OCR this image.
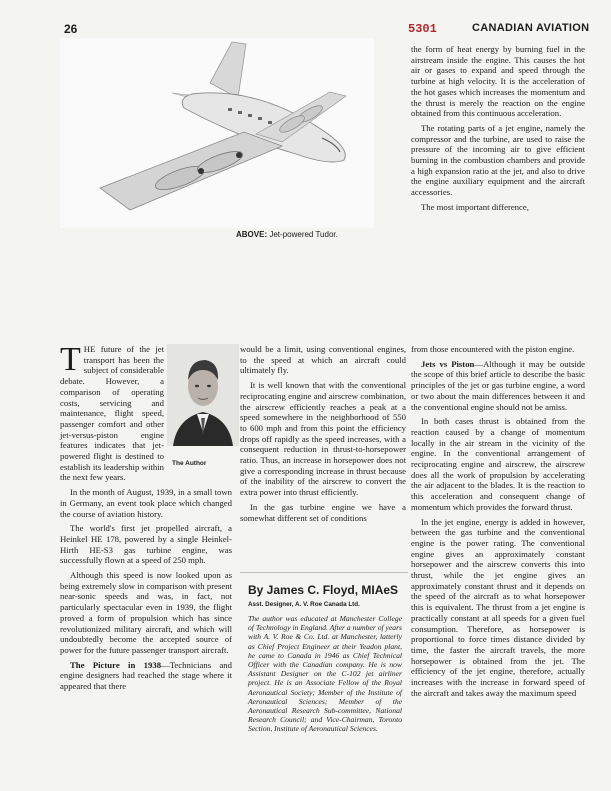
26	5301	CANADIAN AVIATION
ABOVE: Jet-powered Tudor.

the form of heat energy by burning fuel in the airstream inside the engine. This causes the hot air or gases to expand and speed through the turbine at high velocity. It is the acceleration of the hot gases which increases the momentum and the thrust is merely the reaction on the engine obtained from this continuous acceleration.

The rotating parts of a jet engine, namely the compressor and the turbine, are used to raise the pressure of the incoming air to give efficient burning in the combustion chambers and provide a high expansion ratio at the jet, and also to drive the engine auxiliary equipment and the aircraft accessories.

The most important difference,

T HE future of the jet transport has been the subject of considerable debate. However, a comparison of operating costs, servicing and maintenance, flight speed, passenger comfort and other jet-versus-piston engine features indicates that jet-powered flight is destined to establish its leadership within the next few years.

In the month of August, 1939, in a small town in Germany, an event took place which changed the course of aviation history.

The world's first jet propelled aircraft, a Heinkel HE 178, powered by a single Heinkel-Hirth HE-S3 gas turbine engine, was successfully flown at a speed of 250 mph.

Although this speed is now looked upon as being extremely slow in comparison with present near-sonic speeds and was, in fact, not particularly spectacular even in 1939, the flight proved a form of propulsion which has since revolutionized military aircraft, and which will undoubtedly become the accepted source of power for the future passenger transport aircraft.

The Picture in 1938—Technicians and engine designers had reached the stage where it appeared that there

The Author

would be a limit, using conventional engines, to the speed at which an aircraft could ultimately fly.

It is well known that with the conventional reciprocating engine and airscrew combination, the airscrew efficiently reaches a peak at a speed somewhere in the neighborhood of 550 to 600 mph and from this point the efficiency drops off rapidly as the speed increases, with a consequent reduction in thrust-to-horsepower ratio. Thus, an increase in horsepower does not give a corresponding increase in thrust because of the inability of the airscrew to convert the extra power into thrust efficiently.

In the gas turbine engine we have a somewhat different set of conditions

By James C. Floyd, MIAeS
Asst. Designer, A. V. Roe Canada Ltd.
The author was educated at Manchester College of Technology in England. After a number of years with A. V. Roe & Co. Ltd. at Manchester, latterly as Chief Project Engineer at their Yeadon plant, he came to Canada in 1946 as Chief Technical Officer with the Canadian company. He is now Assistant Designer on the C-102 jet airliner project. He is an Associate Fellow of the Royal Aeronautical Society; Member of the Institute of Aeronautical Sciences; Member of the Aeronautical Research Sub-committee, National Research Council; and Vice-Chairman, Toronto Section, Institute of Aeronautical Sciences.

from those encountered with the piston engine.

Jets vs Piston—Although it may be outside the scope of this brief article to describe the basic principles of the jet or gas turbine engine, a word or two about the main differences between it and the conventional engine should not be amiss.

In both cases thrust is obtained from the reaction caused by a change of momentum locally in the air stream in the vicinity of the engine. In the conventional arrangement of reciprocating engine and airscrew, the airscrew does all the work of propulsion by accelerating the air adjacent to the blades. It is the reaction to this acceleration and consequent change of momentum which provides the forward thrust.

In the jet engine, energy is added in however, between the gas turbine and the conventional engine is the power rating. The conventional engine gives an approximately constant horsepower and the airscrew converts this into thrust, while the jet engine gives an approximately constant thrust and it depends on the speed of the aircraft as to what horsepower this is equivalent. The thrust from a jet engine is practically constant at all speeds for a given fuel consumption. Therefore, as horsepower is proportional to force times distance divided by time, the faster the aircraft travels, the more horsepower is obtained from the jet. The efficiency of the jet engine, therefore, actually increases with the increase in forward speed of the aircraft and takes away the maximum speed
